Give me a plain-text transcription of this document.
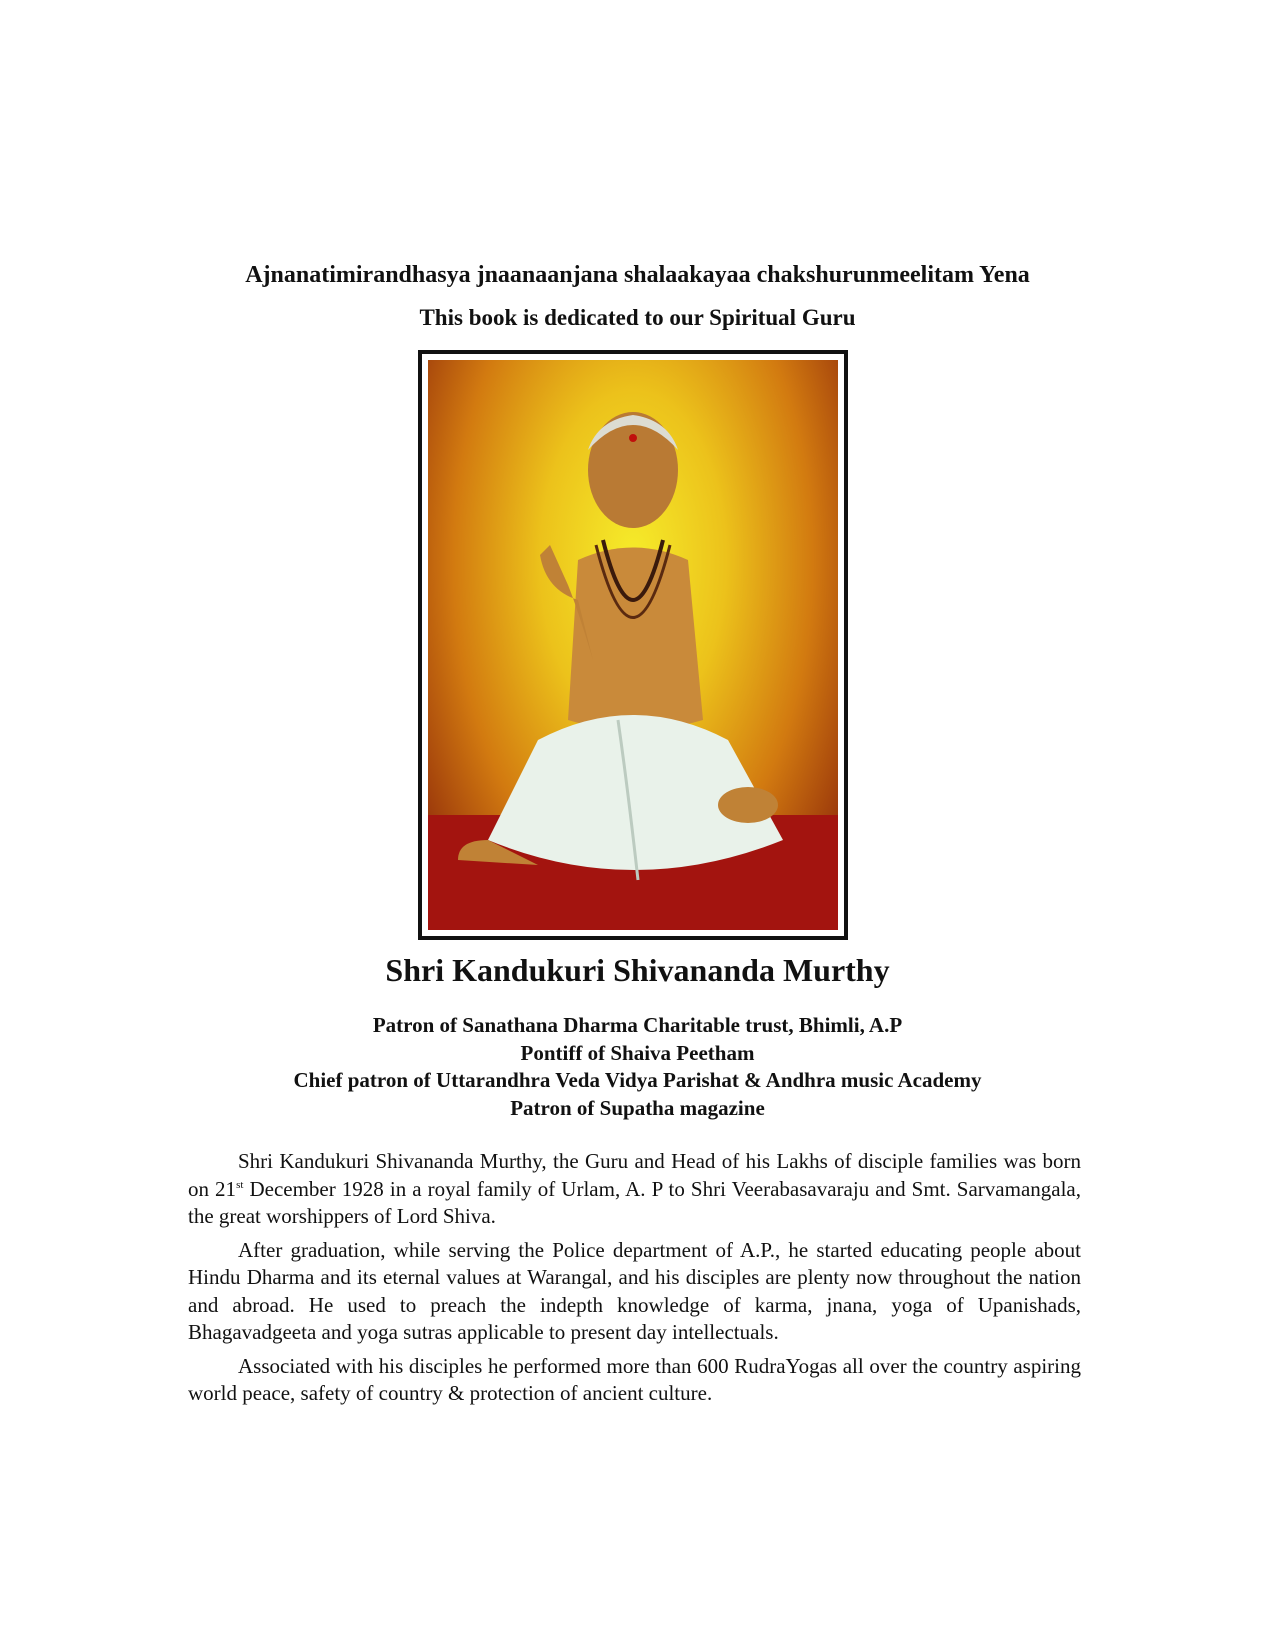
Ajnanatimirandhasya jnaanaanjana shalaakayaa chakshurunmeelitam Yena
This book is dedicated to our Spiritual Guru
Shri Kandukuri Shivananda Murthy
Patron of Sanathana Dharma Charitable trust, Bhimli, A.P
Pontiff of Shaiva Peetham
Chief patron of Uttarandhra Veda Vidya Parishat & Andhra music Academy
Patron of Supatha magazine

Shri Kandukuri Shivananda Murthy, the Guru and Head of his Lakhs of disciple families was born on 21st December 1928 in a royal family of Urlam, A. P to Shri Veerabasavaraju and Smt. Sarvamangala, the great worshippers of Lord Shiva.

After graduation, while serving the Police department of A.P., he started educating people about Hindu Dharma and its eternal values at Warangal, and his disciples are plenty now throughout the nation and abroad. He used to preach the indepth knowledge of karma, jnana, yoga of Upanishads, Bhagavadgeeta and yoga sutras applicable to present day intellectuals.

Associated with his disciples he performed more than 600 RudraYogas all over the country aspiring world peace, safety of country & protection of ancient culture.
